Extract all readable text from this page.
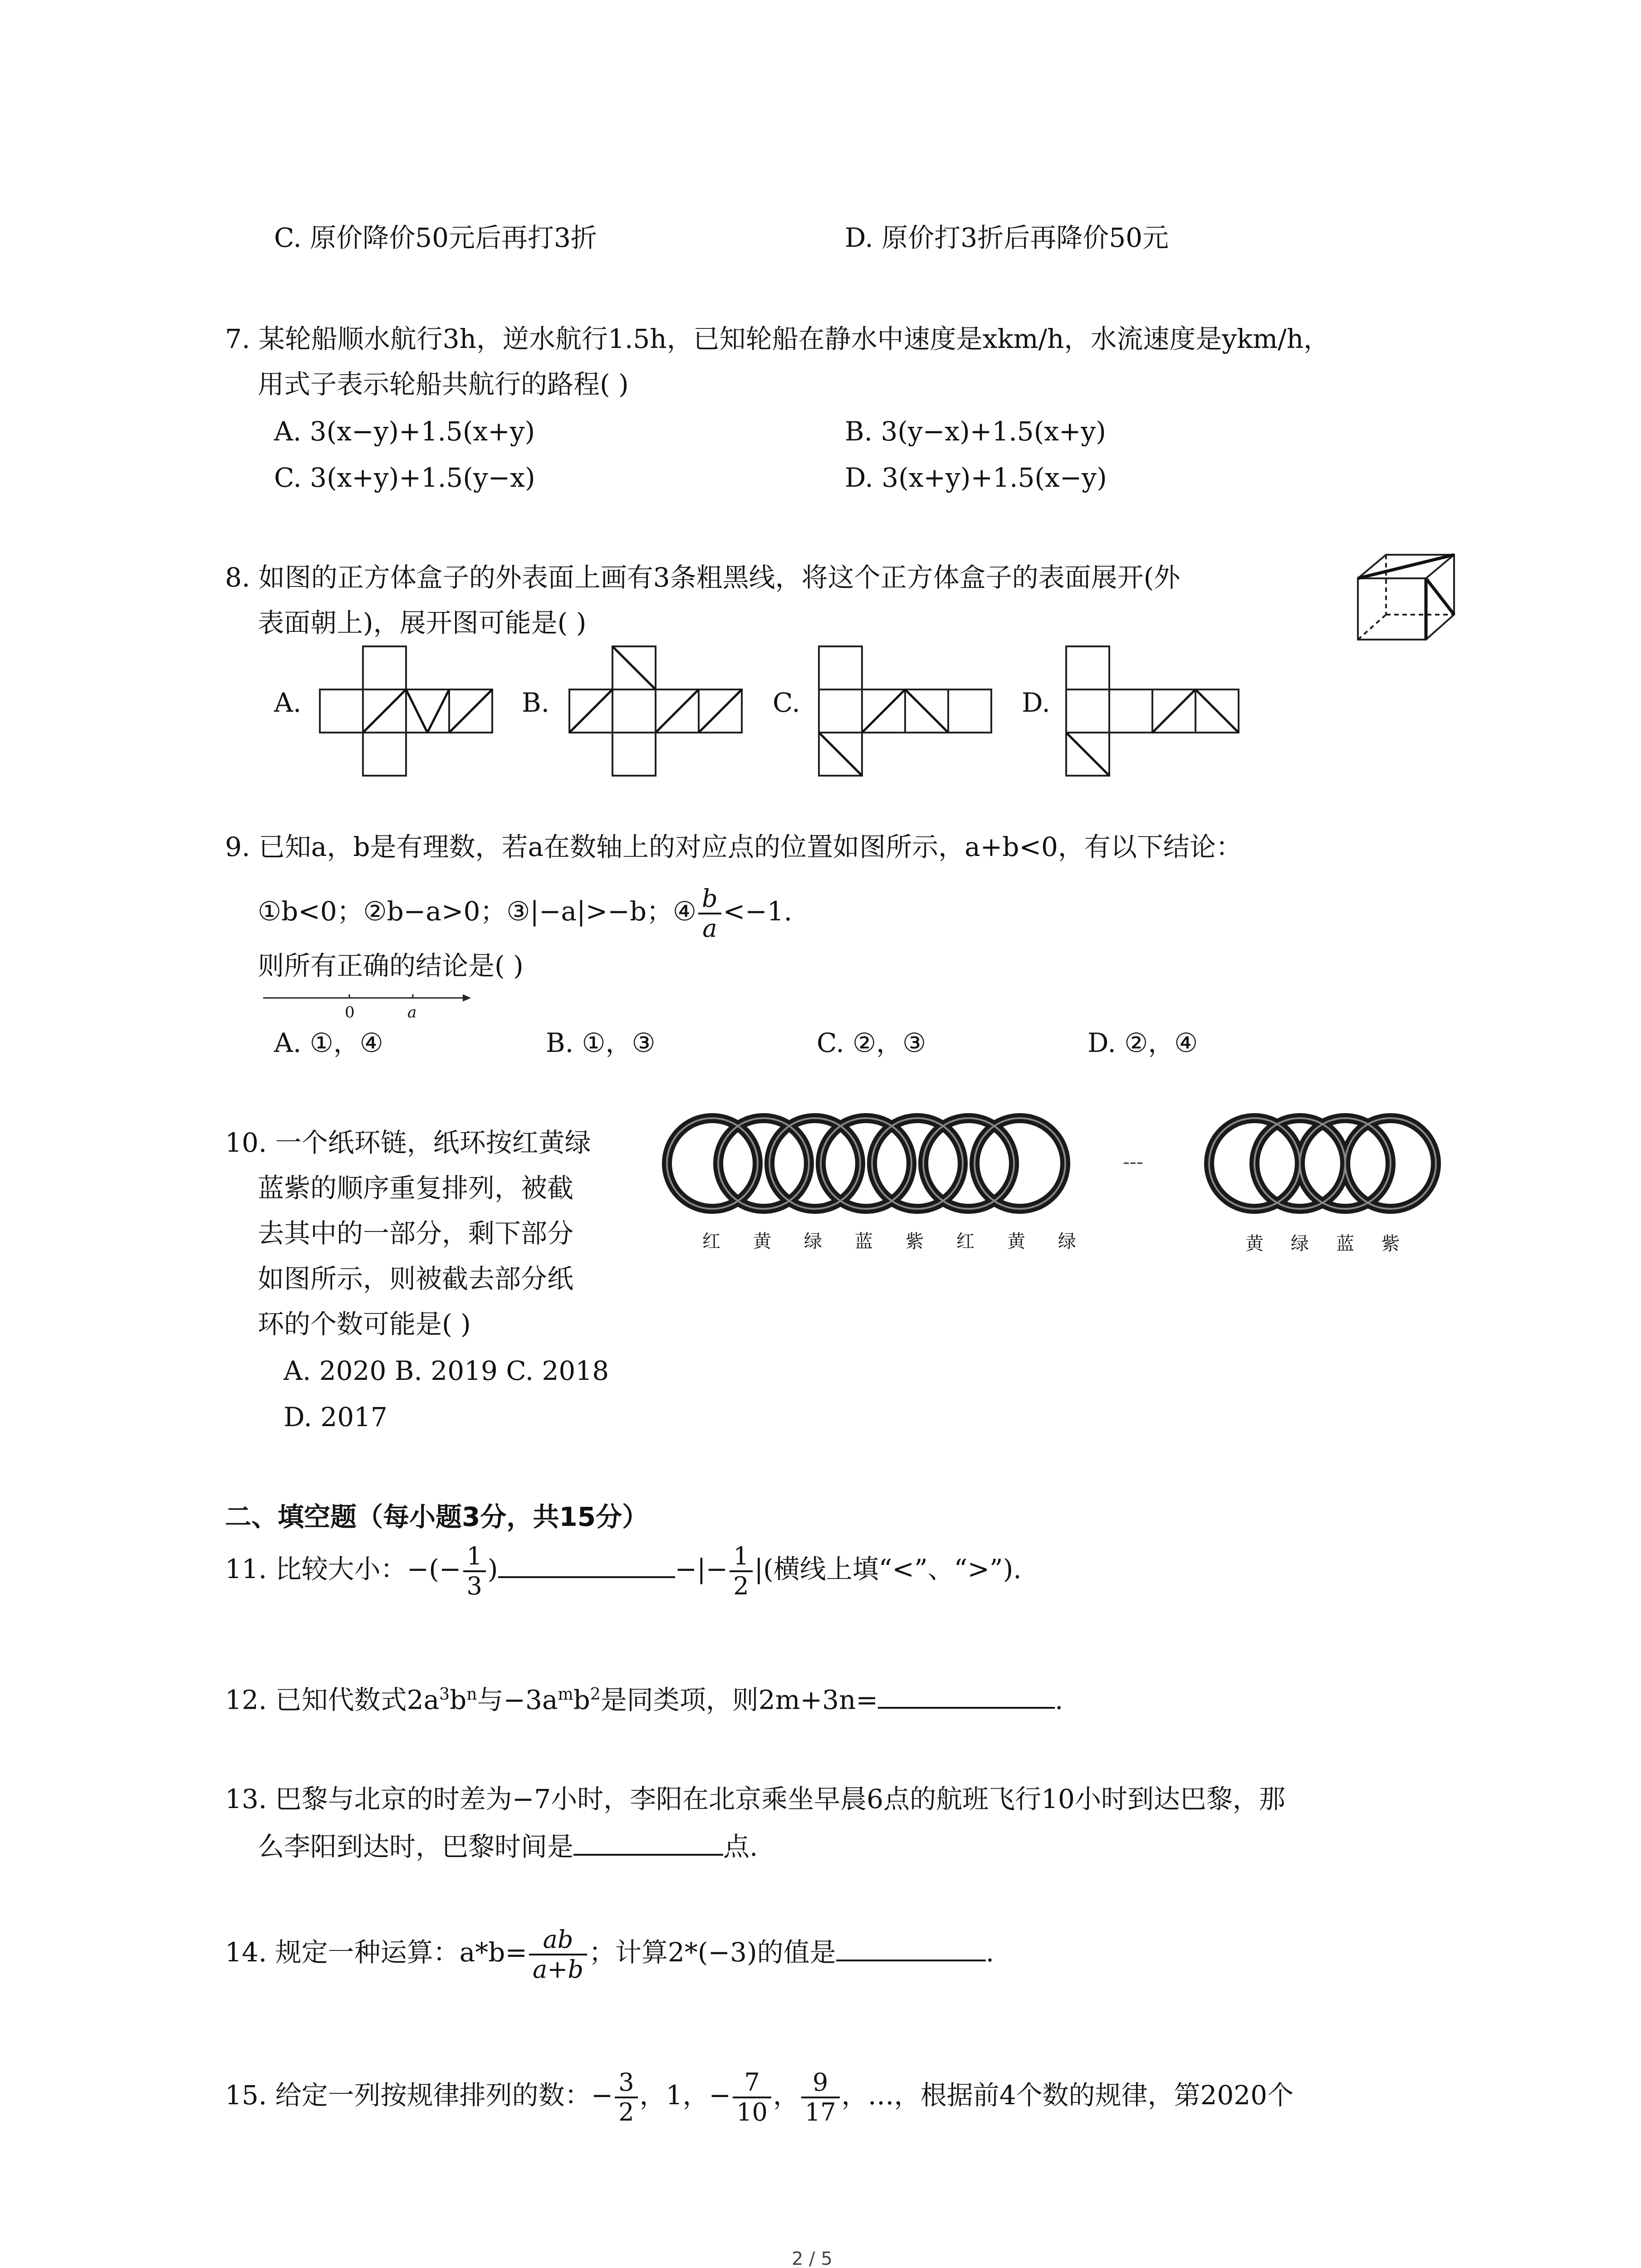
C. 原价降价50元后再打3折	D. 原价打3折后再降价50元
7. 某轮船顺水航行3h，逆水航行1.5h，已知轮船在静水中速度是xkm/h，水流速度是ykm/h，
用式子表示轮船共航行的路程( )
A. 3(x−y)+1.5(x+y)	B. 3(y−x)+1.5(x+y)
C. 3(x+y)+1.5(y−x)	D. 3(x+y)+1.5(x−y)
8. 如图的正方体盒子的外表面上画有3条粗黑线，将这个正方体盒子的表面展开(外
表面朝上)，展开图可能是( )
A.	B.	C.	D.
9. 已知a，b是有理数，若a在数轴上的对应点的位置如图所示，a+b<0，有以下结论：
①b<0；②b−a>0；③|−a|>−b；④ $\frac{b}{a} <-1$.
则所有正确的结论是( )
0	a
A. ①，④	B. ①，③	C. ②，③	D. ②，④
10. 一个纸环链，纸环按红黄绿
蓝紫的顺序重复排列，被截
去其中的一部分，剩下部分
如图所示，则被截去部分纸
环的个数可能是( )
A. 2020 B. 2019 C. 2018
D. 2017
---
红 黄 绿 蓝 紫 红 黄 绿	黄 绿 蓝 紫
二、填空题（每小题3分，共15分）
11. 比较大小：−(− $\frac{1}{3}$ )	−|− $\frac{1}{2}$ |(横线上填“<”、“>”).
12. 已知代数式$2a^3b^n$与$-3a^mb^2$是同类项，则2m+3n=	.
13. 巴黎与北京的时差为−7小时，李阳在北京乘坐早晨6点的航班飞行10小时到达巴黎，那
么李阳到达时，巴黎时间是	点.
14. 规定一种运算：$a*b= \frac{ab}{a+b}$ ；计算2*(−3)的值是	.
15. 给定一列按规律排列的数：− $\frac{3}{2}$ ，1，− $\frac{7}{10}$ ， $\frac{9}{17}$ ，…，根据前4个数的规律，第2020个
2 / 5
